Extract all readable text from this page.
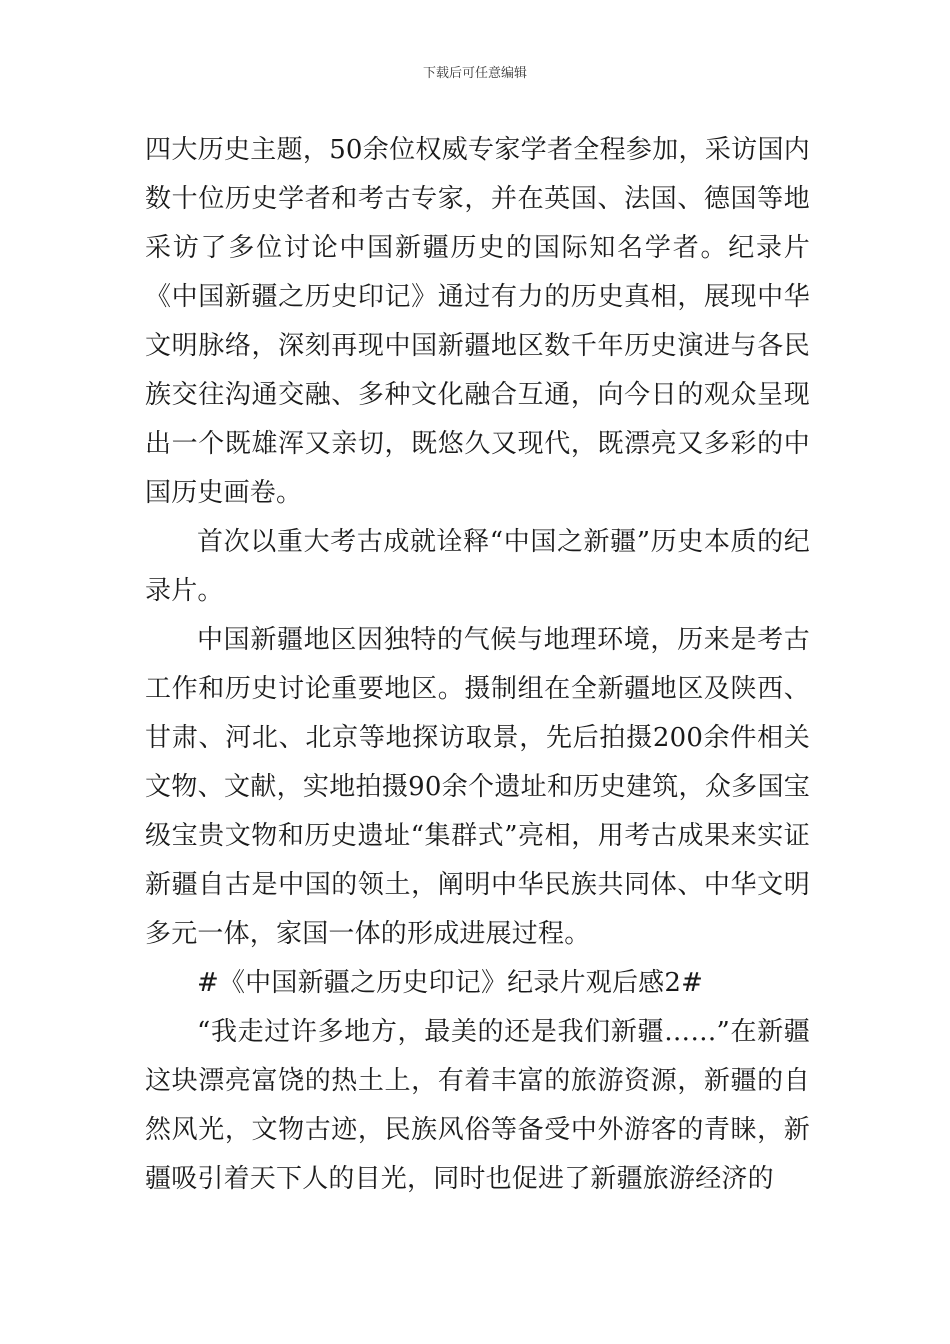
下载后可任意编辑

四大历史主题，50余位权威专家学者全程参加，采访国内数十位历史学者和考古专家，并在英国、法国、德国等地采访了多位讨论中国新疆历史的国际知名学者。纪录片《中国新疆之历史印记》通过有力的历史真相，展现中华文明脉络，深刻再现中国新疆地区数千年历史演进与各民族交往沟通交融、多种文化融合互通，向今日的观众呈现出一个既雄浑又亲切，既悠久又现代，既漂亮又多彩的中国历史画卷。

首次以重大考古成就诠释“中国之新疆”历史本质的纪录片。

中国新疆地区因独特的气候与地理环境，历来是考古工作和历史讨论重要地区。摄制组在全新疆地区及陕西、甘肃、河北、北京等地探访取景，先后拍摄200余件相关文物、文献，实地拍摄90余个遗址和历史建筑，众多国宝级宝贵文物和历史遗址“集群式”亮相，用考古成果来实证新疆自古是中国的领土，阐明中华民族共同体、中华文明多元一体，家国一体的形成进展过程。

#《中国新疆之历史印记》纪录片观后感2#

“我走过许多地方，最美的还是我们新疆……”在新疆这块漂亮富饶的热土上，有着丰富的旅游资源，新疆的自然风光，文物古迹，民族风俗等备受中外游客的青睐，新疆吸引着天下人的目光，同时也促进了新疆旅游经济的
